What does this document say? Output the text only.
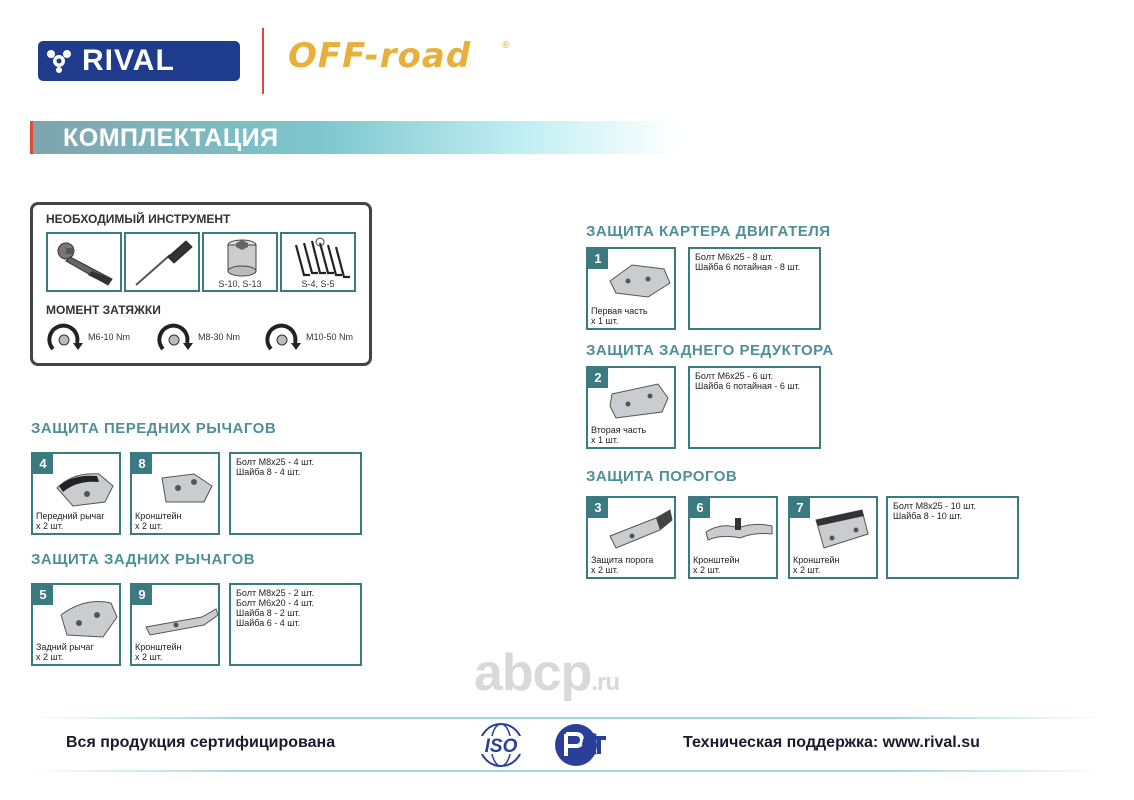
RIVAL	OFF-road	®
КОМПЛЕКТАЦИЯ
НЕОБХОДИМЫЙ ИНСТРУМЕНТ
S-10, S-13	S-4, S-5
МОМЕНТ ЗАТЯЖКИ
M6-10 Nm	M8-30 Nm	M10-50 Nm
ЗАЩИТА ПЕРЕДНИХ РЫЧАГОВ
4
Передний рычаг
x 2 шт.
8
Кронштейн
x 2 шт.
Болт M8x25 - 4 шт.
Шайба 8 - 4 шт.
ЗАЩИТА ЗАДНИХ РЫЧАГОВ
5
Задний рычаг
x 2 шт.
9
Кронштейн
x 2 шт.
Болт M8x25 - 2 шт.
Болт M6x20 - 4 шт.
Шайба 8 - 2 шт.
Шайба 6 - 4 шт.
ЗАЩИТА КАРТЕРА ДВИГАТЕЛЯ
1
Первая часть
x 1 шт.
Болт M6x25 - 8 шт.
Шайба 6 потайная - 8 шт.
ЗАЩИТА ЗАДНЕГО РЕДУКТОРА
2
Вторая часть
x 1 шт.
Болт M6x25 - 6 шт.
Шайба 6 потайная - 6 шт.
ЗАЩИТА ПОРОГОВ
3
Защита порога
x 2 шт.
6
Кронштейн
x 2 шт.
7
Кронштейн
x 2 шт.
Болт M8x25 - 10 шт.
Шайба 8 - 10 шт.
abcp.ru
Вся продукция сертифицирована	ISO	Техническая поддержка: www.rival.su
